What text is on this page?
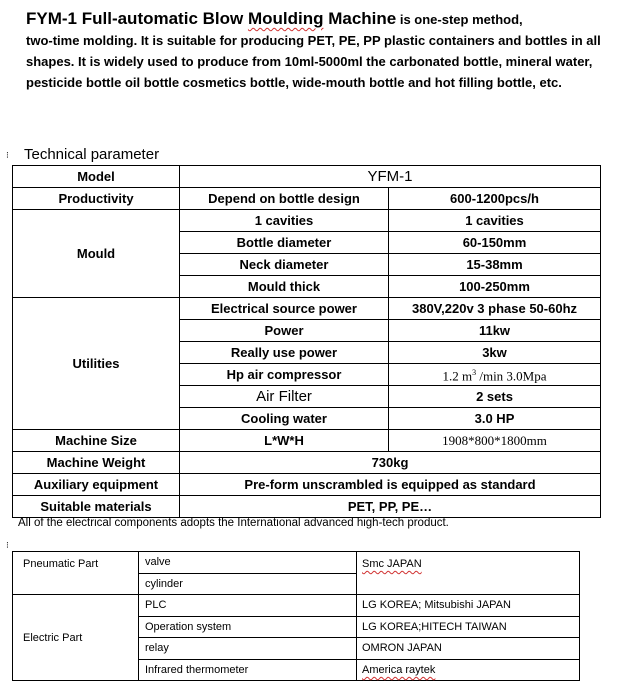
FYM-1 Full-automatic Blow Moulding Machine is one-step method,
two-time molding. It is suitable for producing PET, PE, PP plastic containers and bottles in all shapes. It is widely used to produce from 10ml-5000ml the carbonated bottle, mineral water, pesticide bottle oil bottle cosmetics bottle, wide-mouth bottle and hot filling bottle, etc.
⁝ Technical parameter
Model	YFM-1	
Productivity	Depend on bottle design	600-1200pcs/h
Mould	1 cavities	1 cavities
	Bottle diameter	60-150mm
	Neck diameter	15-38mm
	Mould thick	100-250mm
Utilities	Electrical source power	380V,220v 3 phase 50-60hz
	Power	11kw
	Really use power	3kw
	Hp air compressor	1.2 $m^3$ /min 3.0Mpa
	Air Filter	2 sets
	Cooling water	3.0 HP
Machine Size	L*W*H	1908*800*1800mm
Machine Weight	730kg	
Auxiliary equipment	Pre-form unscrambled is equipped as standard	
Suitable materials	PET, PP, PE…	
All of the electrical components adopts the International advanced high-tech product.
⁝
Pneumatic Part	valve	Smc JAPAN
	cylinder	
Electric Part	PLC	LG KOREA; Mitsubishi JAPAN
	Operation system	LG KOREA;HITECH TAIWAN
	relay	OMRON JAPAN
	Infrared thermometer	America raytek
